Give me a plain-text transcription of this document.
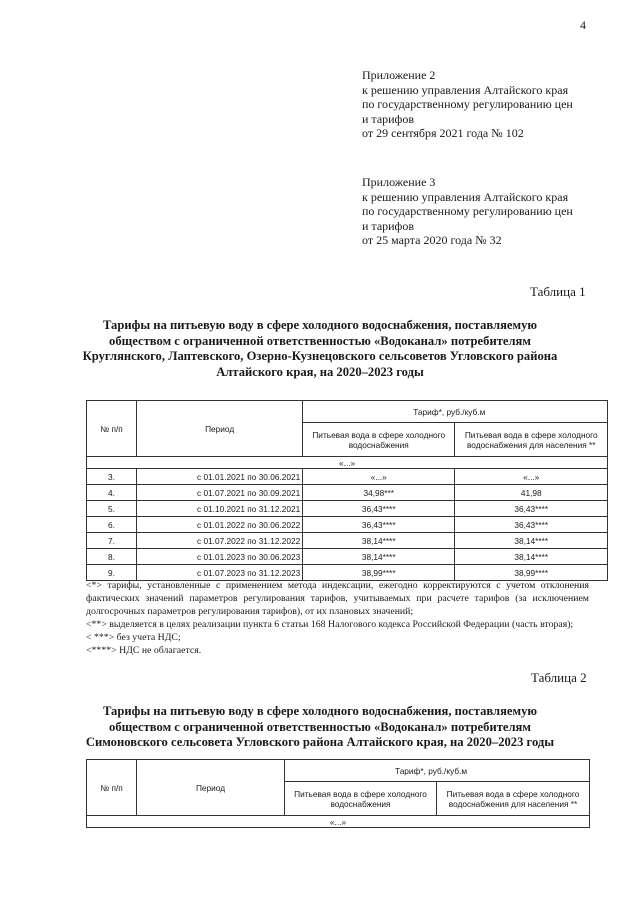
4
Приложение 2
к решению управления Алтайского края
по государственному регулированию цен
и тарифов
от 29 сентября 2021 года № 102
Приложение 3
к решению управления Алтайского края
по государственному регулированию цен
и тарифов
от 25 марта 2020 года № 32
Таблица 1
Тарифы на питьевую воду в сфере холодного водоснабжения, поставляемую
обществом с ограниченной ответственностью «Водоканал» потребителям
Круглянского, Лаптевского, Озерно-Кузнецовского сельсоветов Угловского района
Алтайского края, на 2020–2023 годы
№ п/п	Период	Тариф*, руб./куб.м	
		Питьевая вода в сфере холодного водоснабжения	Питьевая вода в сфере холодного водоснабжения для населения **
«...»			
3.	с 01.01.2021 по 30.06.2021	«...»	«...»
4.	с 01.07.2021 по 30.09.2021	34,98***	41,98
5.	с 01.10.2021 по 31.12.2021	36,43****	36,43****
6.	с 01.01.2022 по 30.06.2022	36,43****	36,43****
7.	с 01.07.2022 по 31.12.2022	38,14****	38,14****
8.	с 01.01.2023 по 30.06.2023	38,14****	38,14****
9.	с 01.07.2023 по 31.12.2023	38,99****	38,99****
<*> тарифы, установленные с применением метода индексации, ежегодно корректируются с учетом отклонения фактических значений параметров регулирования тарифов, учитываемых при расчете тарифов (за исключением долгосрочных параметров регулирования тарифов), от их плановых значений;
<**> выделяется в целях реализации пункта 6 статьи 168 Налогового кодекса Российской Федерации (часть вторая);
< ***> без учета НДС;
<****> НДС не облагается.
Таблица 2
Тарифы на питьевую воду в сфере холодного водоснабжения, поставляемую
обществом с ограниченной ответственностью «Водоканал» потребителям
Симоновского сельсовета Угловского района Алтайского края, на 2020–2023 годы
№ п/п	Период	Тариф*, руб./куб.м	
		Питьевая вода в сфере холодного водоснабжения	Питьевая вода в сфере холодного водоснабжения для населения **
«...»			
